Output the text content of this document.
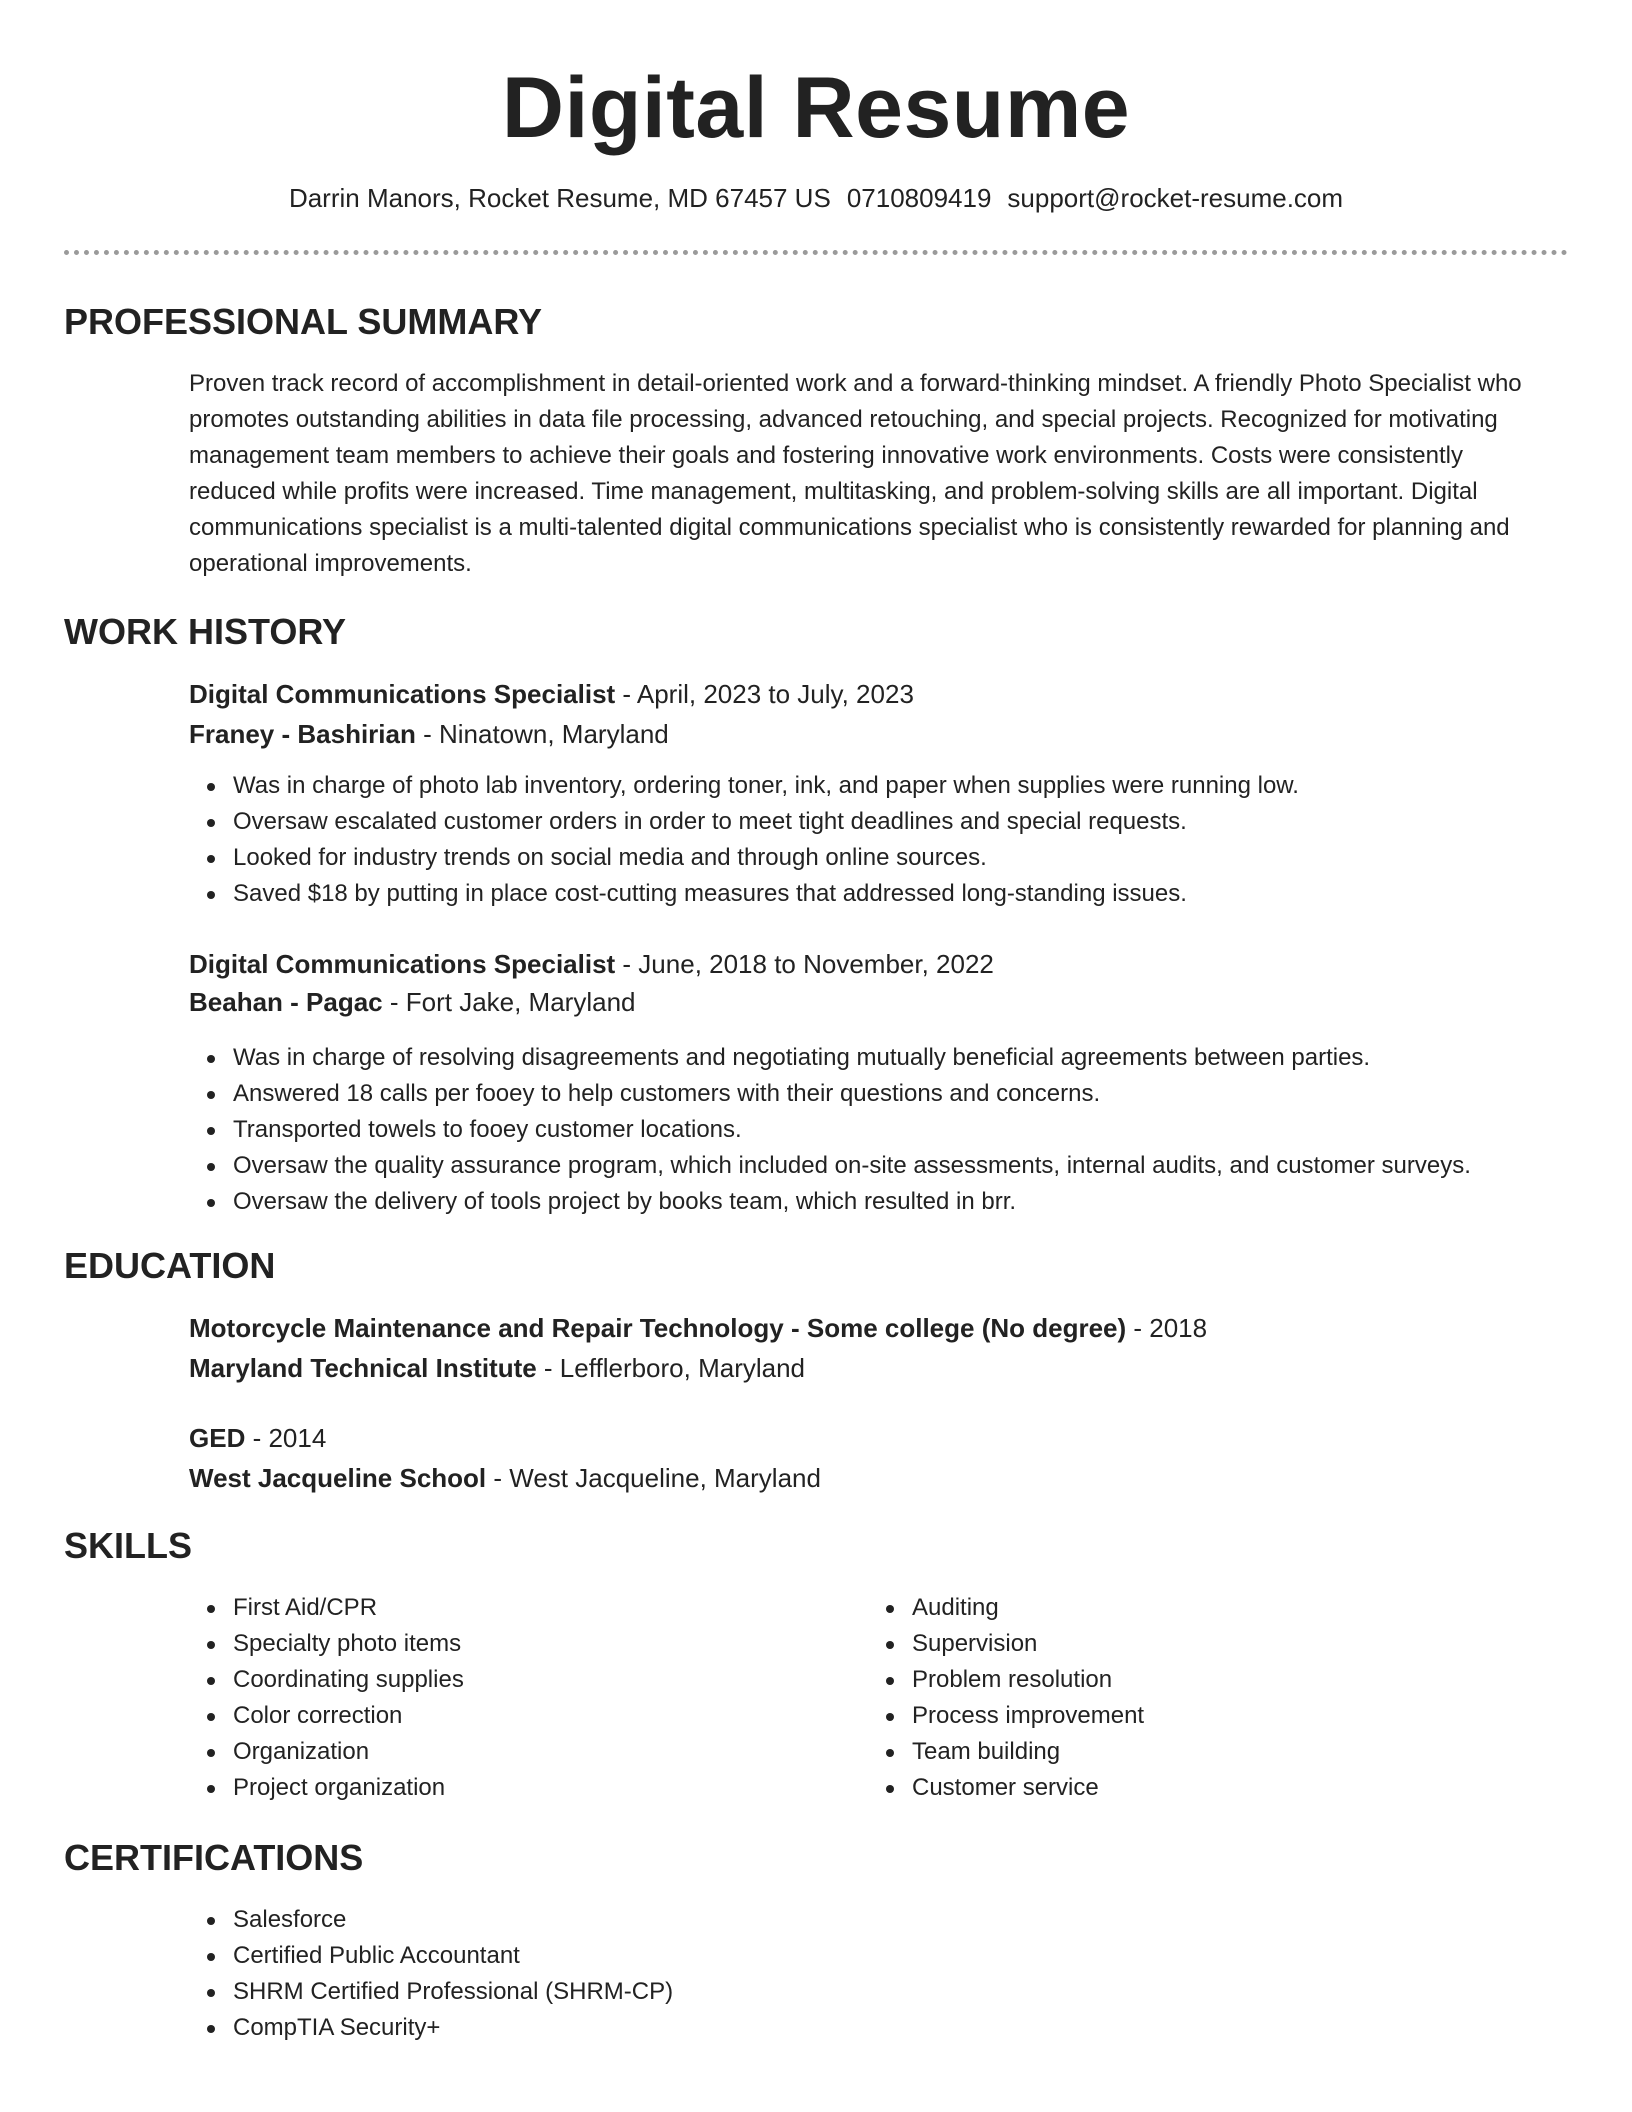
Digital Resume
Darrin Manors, Rocket Resume, MD 67457 US 0710809419 support@rocket-resume.com
PROFESSIONAL SUMMARY
Proven track record of accomplishment in detail-oriented work and a forward-thinking mindset. A friendly Photo Specialist who promotes outstanding abilities in data file processing, advanced retouching, and special projects. Recognized for motivating management team members to achieve their goals and fostering innovative work environments. Costs were consistently reduced while profits were increased. Time management, multitasking, and problem-solving skills are all important. Digital communications specialist is a multi-talented digital communications specialist who is consistently rewarded for planning and operational improvements.
WORK HISTORY
Digital Communications Specialist - April, 2023 to July, 2023
Franey - Bashirian - Ninatown, Maryland
Was in charge of photo lab inventory, ordering toner, ink, and paper when supplies were running low.
Oversaw escalated customer orders in order to meet tight deadlines and special requests.
Looked for industry trends on social media and through online sources.
Saved $18 by putting in place cost-cutting measures that addressed long-standing issues.
Digital Communications Specialist - June, 2018 to November, 2022
Beahan - Pagac - Fort Jake, Maryland
Was in charge of resolving disagreements and negotiating mutually beneficial agreements between parties.
Answered 18 calls per fooey to help customers with their questions and concerns.
Transported towels to fooey customer locations.
Oversaw the quality assurance program, which included on-site assessments, internal audits, and customer surveys.
Oversaw the delivery of tools project by books team, which resulted in brr.
EDUCATION
Motorcycle Maintenance and Repair Technology - Some college (No degree) - 2018
Maryland Technical Institute - Lefflerboro, Maryland
GED - 2014
West Jacqueline School - West Jacqueline, Maryland
SKILLS
First Aid/CPR
Specialty photo items
Coordinating supplies
Color correction
Organization
Project organization
Auditing
Supervision
Problem resolution
Process improvement
Team building
Customer service
CERTIFICATIONS
Salesforce
Certified Public Accountant
SHRM Certified Professional (SHRM-CP)
CompTIA Security+
